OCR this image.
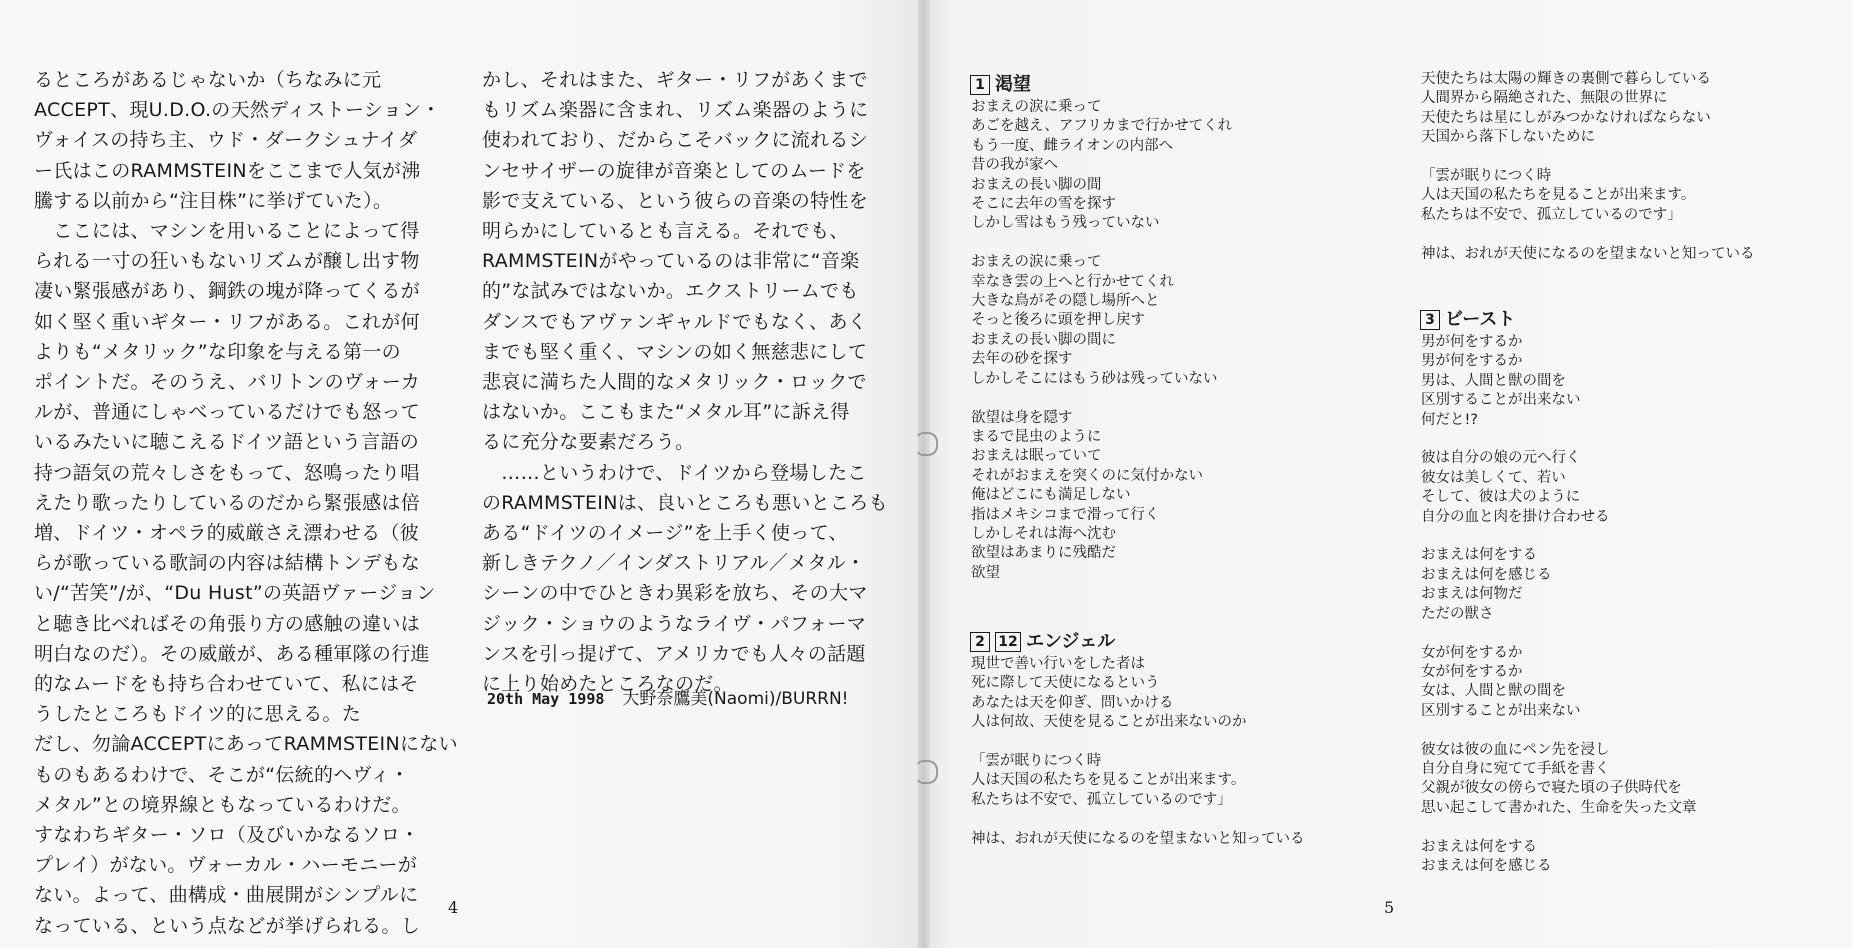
るところがあるじゃないか（ちなみに元
ACCEPT、現U.D.O.の天然ディストーション・
ヴォイスの持ち主、ウド・ダークシュナイダ
ー氏はこのRAMMSTEINをここまで人気が沸
騰する以前から“注目株”に挙げていた）。
　ここには、マシンを用いることによって得
られる一寸の狂いもないリズムが醸し出す物
凄い緊張感があり、鋼鉄の塊が降ってくるが
如く堅く重いギター・リフがある。これが何
よりも“メタリック”な印象を与える第一の
ポイントだ。そのうえ、バリトンのヴォーカ
ルが、普通にしゃべっているだけでも怒って
いるみたいに聴こえるドイツ語という言語の
持つ語気の荒々しさをもって、怒鳴ったり唱
えたり歌ったりしているのだから緊張感は倍
増、ドイツ・オペラ的威厳さえ漂わせる（彼
らが歌っている歌詞の内容は結構トンデもな
い/“苦笑”/が、“Du Hust”の英語ヴァージョン
と聴き比べればその角張り方の感触の違いは
明白なのだ）。その威厳が、ある種軍隊の行進
的なムードをも持ち合わせていて、私にはそ
うしたところもドイツ的に思える。た
だし、勿論ACCEPTにあってRAMMSTEINにない
ものもあるわけで、そこが“伝統的ヘヴィ・
メタル”との境界線ともなっているわけだ。
すなわちギター・ソロ（及びいかなるソロ・
プレイ）がない。ヴォーカル・ハーモニーが
ない。よって、曲構成・曲展開がシンプルに
なっている、という点などが挙げられる。し
かし、それはまた、ギター・リフがあくまで
もリズム楽器に含まれ、リズム楽器のように
使われており、だからこそバックに流れるシ
ンセサイザーの旋律が音楽としてのムードを
影で支えている、という彼らの音楽の特性を
明らかにしているとも言える。それでも、
RAMMSTEINがやっているのは非常に“音楽
的”な試みではないか。エクストリームでも
ダンスでもアヴァンギャルドでもなく、あく
までも堅く重く、マシンの如く無慈悲にして
悲哀に満ちた人間的なメタリック・ロックで
はないか。ここもまた“メタル耳”に訴え得
るに充分な要素だろう。
　……というわけで、ドイツから登場したこ
のRAMMSTEINは、良いところも悪いところも
ある“ドイツのイメージ”を上手く使って、
新しきテクノ／インダストリアル／メタル・
シーンの中でひときわ異彩を放ち、その大マ
ジック・ショウのようなライヴ・パフォーマ
ンスを引っ提げて、アメリカでも人々の話題
に上り始めたところなのだ。
20th May 1998 大野奈鷹美(Naomi)/BURRN!
4
1 渇望
おまえの涙に乗って
あごを越え、アフリカまで行かせてくれ
もう一度、雌ライオンの内部へ
昔の我が家へ
おまえの長い脚の間
そこに去年の雪を探す
しかし雪はもう残っていない

おまえの涙に乗って
幸なき雲の上へと行かせてくれ
大きな鳥がその隠し場所へと
そっと後ろに頭を押し戻す
おまえの長い脚の間に
去年の砂を探す
しかしそこにはもう砂は残っていない

欲望は身を隠す
まるで昆虫のように
おまえは眠っていて
それがおまえを突くのに気付かない
俺はどこにも満足しない
指はメキシコまで滑って行く
しかしそれは海へ沈む
欲望はあまりに残酷だ
欲望
2 12 エンジェル
現世で善い行いをした者は
死に際して天使になるという
あなたは天を仰ぎ、問いかける
人は何故、天使を見ることが出来ないのか

「雲が眠りにつく時
人は天国の私たちを見ることが出来ます。
私たちは不安で、孤立しているのです」

神は、おれが天使になるのを望まないと知っている
天使たちは太陽の輝きの裏側で暮らしている
人間界から隔絶された、無限の世界に
天使たちは星にしがみつかなければならない
天国から落下しないために

「雲が眠りにつく時
人は天国の私たちを見ることが出来ます。
私たちは不安で、孤立しているのです」

神は、おれが天使になるのを望まないと知っている
3 ビースト
男が何をするか
男が何をするか
男は、人間と獣の間を
区別することが出来ない
何だと!?

彼は自分の娘の元へ行く
彼女は美しくて、若い
そして、彼は犬のように
自分の血と肉を掛け合わせる

おまえは何をする
おまえは何を感じる
おまえは何物だ
ただの獣さ

女が何をするか
女が何をするか
女は、人間と獣の間を
区別することが出来ない

彼女は彼の血にペン先を浸し
自分自身に宛てて手紙を書く
父親が彼女の傍らで寝た頃の子供時代を
思い起こして書かれた、生命を失った文章

おまえは何をする
おまえは何を感じる
5
